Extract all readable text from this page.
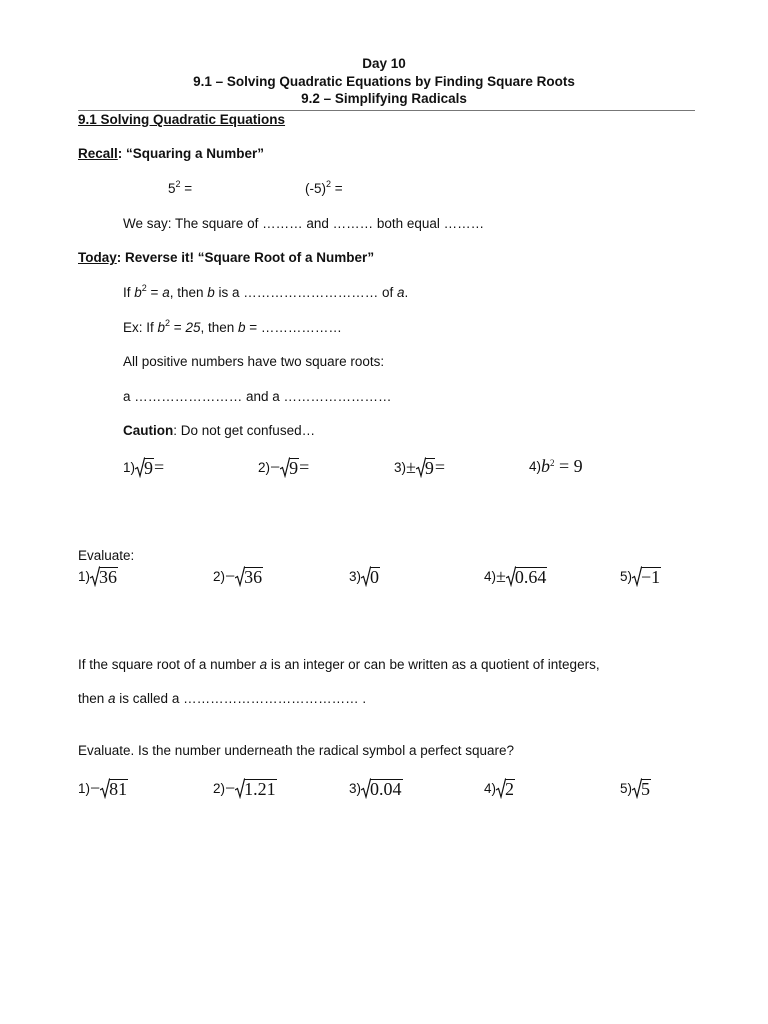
Day 10
9.1 – Solving Quadratic Equations by Finding Square Roots
9.2 – Simplifying Radicals
9.1 Solving Quadratic Equations
Recall: “Squaring a Number”
$5^2$ =	$(-5)^2$ =
We say: The square of ……… and ……… both equal ………
Today: Reverse it! “Square Root of a Number”
If $b^2 = a$, then b is a ………………………… of a.
Ex: If $b^2 = 25$, then b = ………………
All positive numbers have two square roots:
a …………………… and a ……………………
Caution: Do not get confused…
1) 9 =	2) − 9 =	3) ± 9 =	4) $b^2 = 9$
Evaluate:
1) 36	2) − 36	3) 0	4) ± 0.64	5) −1
If the square root of a number a is an integer or can be written as a quotient of integers,
then a is called a ………………………………… .
Evaluate. Is the number underneath the radical symbol a perfect square?
1) − 81	2) − 1.21	3) 0.04	4) 2	5) 5
